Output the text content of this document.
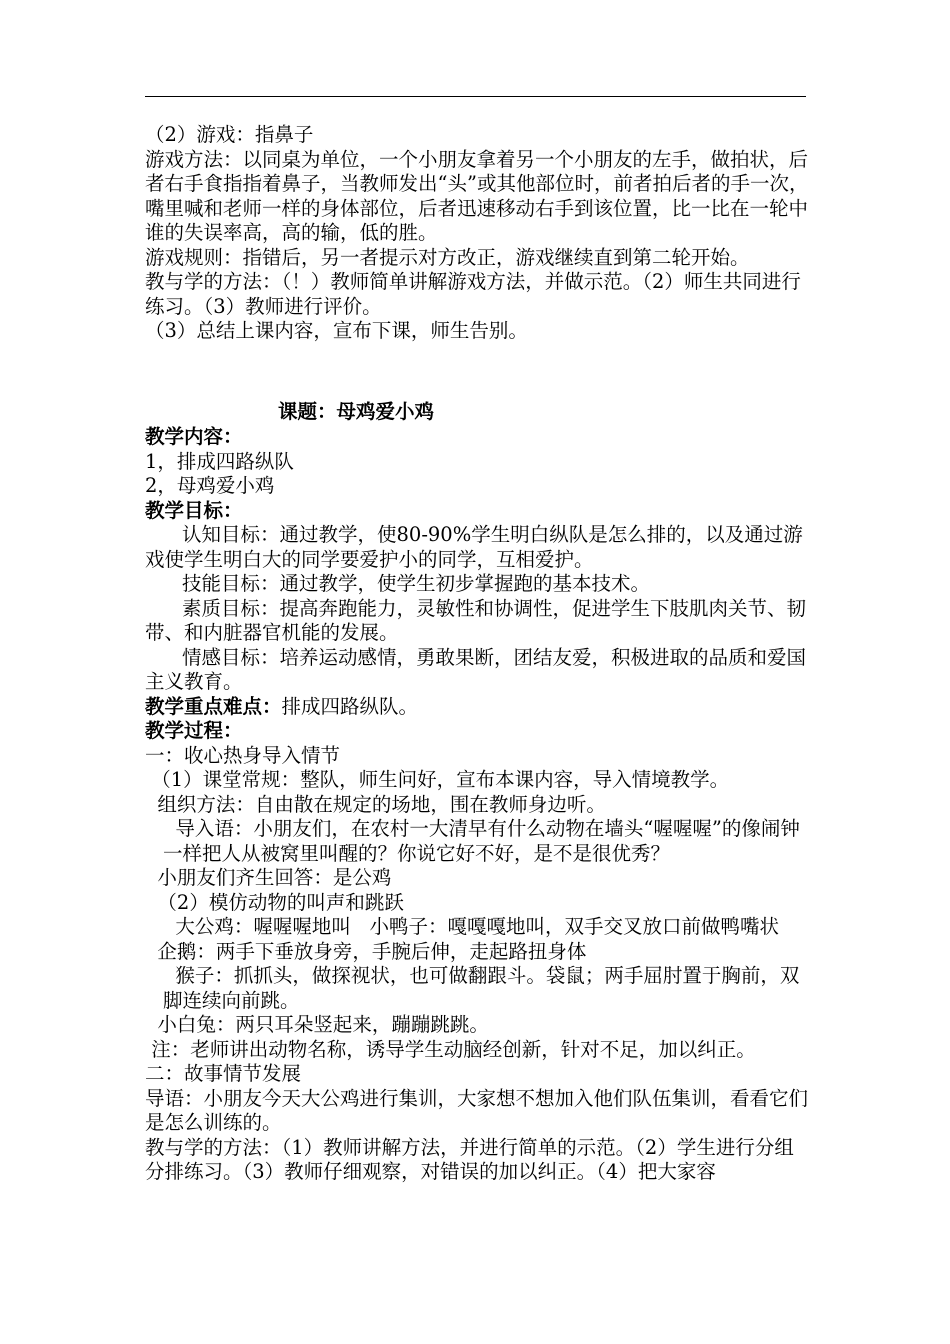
（2）游戏：指鼻子

游戏方法：以同桌为单位，一个小朋友拿着另一个小朋友的左手，做拍状，后者右手食指指着鼻子，当教师发出“头”或其他部位时，前者拍后者的手一次，嘴里喊和老师一样的身体部位，后者迅速移动右手到该位置，比一比在一轮中谁的失误率高，高的输，低的胜。

游戏规则：指错后，另一者提示对方改正，游戏继续直到第二轮开始。

教与学的方法：（！）教师简单讲解游戏方法，并做示范。（2）师生共同进行练习。（3）教师进行评价。

（3）总结上课内容，宣布下课，师生告别。

课题：母鸡爱小鸡

教学内容：

1，排成四路纵队

2，母鸡爱小鸡

教学目标：

认知目标：通过教学，使80-90%学生明白纵队是怎么排的，以及通过游戏使学生明白大的同学要爱护小的同学，互相爱护。

技能目标：通过教学，使学生初步掌握跑的基本技术。

素质目标：提高奔跑能力，灵敏性和协调性，促进学生下肢肌肉关节、韧带、和内脏器官机能的发展。

情感目标：培养运动感情，勇敢果断，团结友爱，积极进取的品质和爱国主义教育。

教学重点难点：排成四路纵队。

教学过程：

一：收心热身导入情节

（1）课堂常规：整队，师生问好，宣布本课内容，导入情境教学。

组织方法：自由散在规定的场地，围在教师身边听。

导入语：小朋友们，在农村一大清早有什么动物在墙头“喔喔喔”的像闹钟一样把人从被窝里叫醒的？你说它好不好，是不是很优秀？

小朋友们齐生回答：是公鸡

（2）模仿动物的叫声和跳跃

大公鸡：喔喔喔地叫   小鸭子：嘎嘎嘎地叫，双手交叉放口前做鸭嘴状

企鹅：两手下垂放身旁，手腕后伸，走起路扭身体

猴子：抓抓头，做探视状，也可做翻跟斗。袋鼠；两手屈肘置于胸前，双脚连续向前跳。

小白兔：两只耳朵竖起来，蹦蹦跳跳。

注：老师讲出动物名称，诱导学生动脑经创新，针对不足，加以纠正。

二：故事情节发展

导语：小朋友今天大公鸡进行集训，大家想不想加入他们队伍集训，看看它们是怎么训练的。

教与学的方法：（1）教师讲解方法，并进行简单的示范。（2）学生进行分组分排练习。（3）教师仔细观察，对错误的加以纠正。（4）把大家容
